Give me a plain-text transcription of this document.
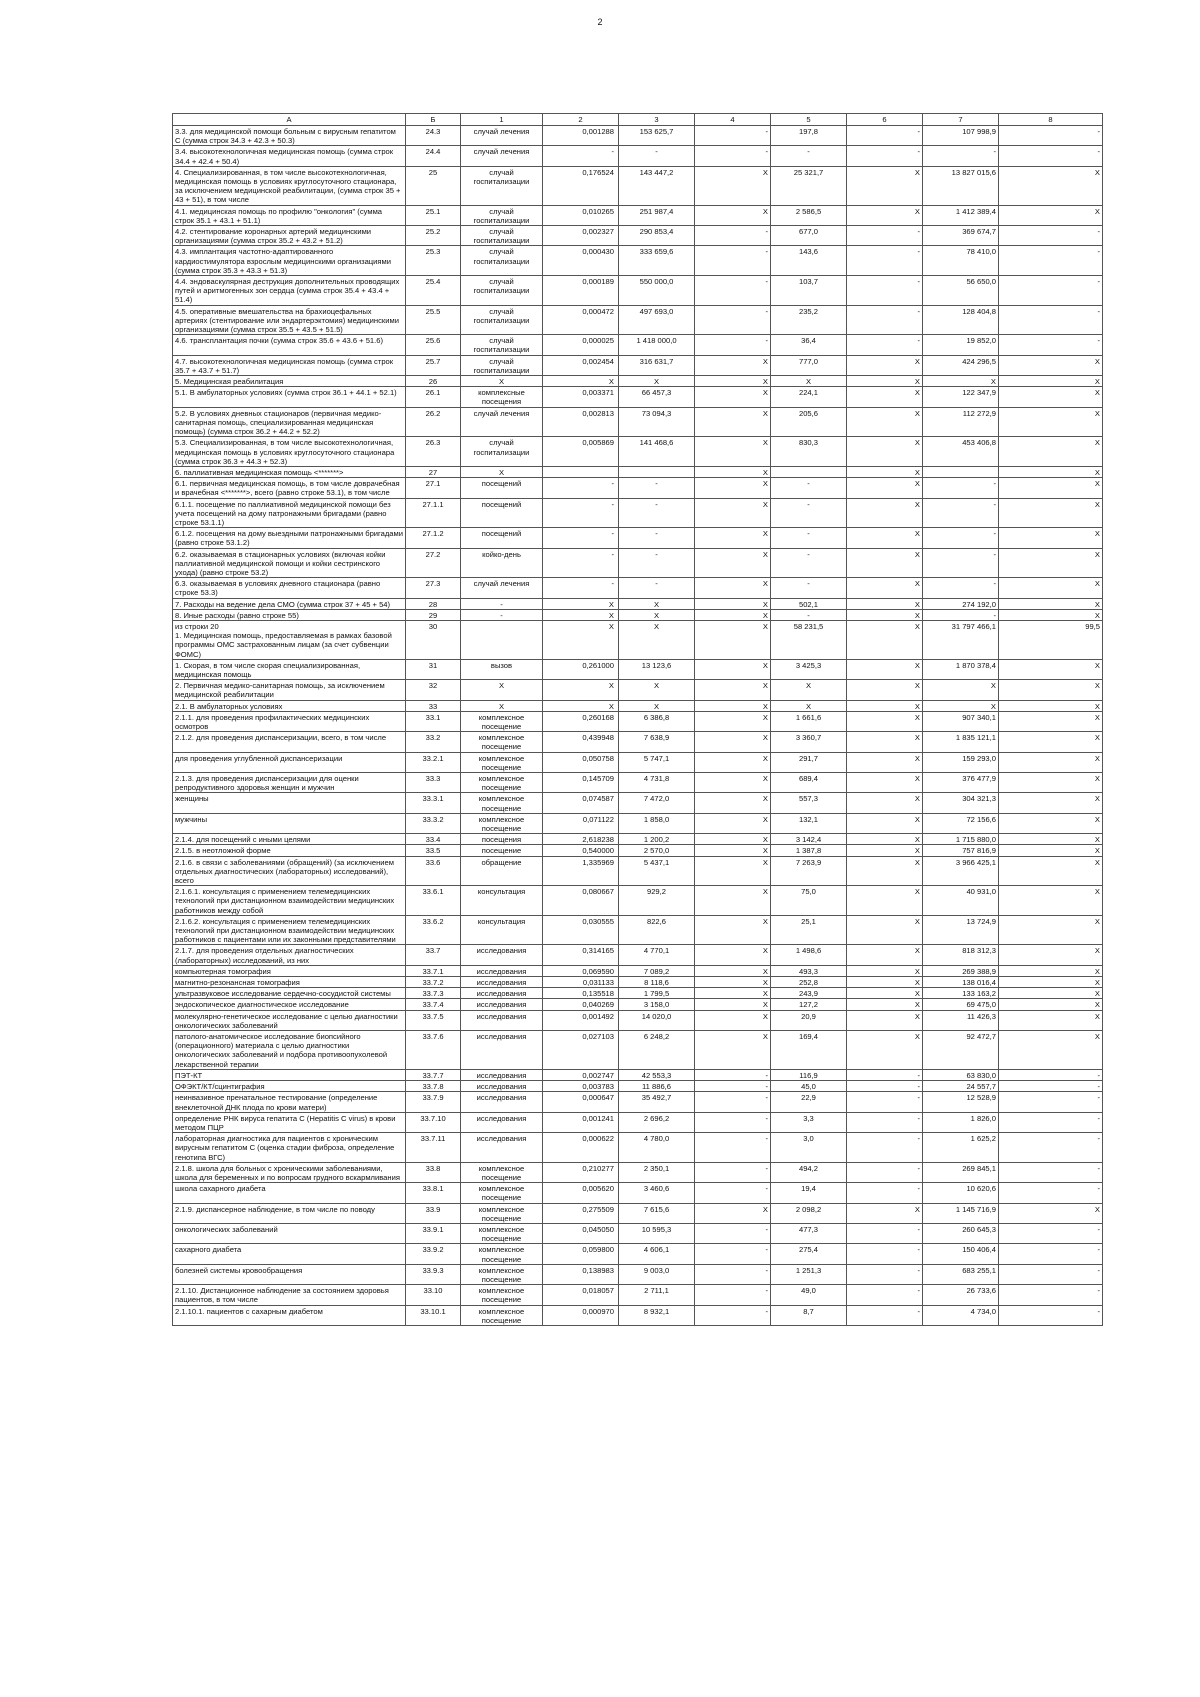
2
А	Б	1	2	3	4	5	6	7	8
3.3. для медицинской помощи больным с вирусным гепатитом С (сумма строк 34.3 + 42.3 + 50.3)	24.3	случай лечения	0,001288	153 625,7	-	197,8	-	107 998,9	-
3.4. высокотехнологичная медицинская помощь (сумма строк 34.4 + 42.4 + 50.4)	24.4	случай лечения	-	-	-	-	-	-	-
4. Специализированная, в том числе высокотехнологичная, медицинская помощь в условиях круглосуточного стационара, за исключением медицинской реабилитации, (сумма строк 35 + 43 + 51), в том числе	25	случай госпитализации	0,176524	143 447,2	X	25 321,7	X	13 827 015,6	X
4.1. медицинская помощь по профилю "онкология" (сумма строк 35.1 + 43.1 + 51.1)	25.1	случай госпитализации	0,010265	251 987,4	X	2 586,5	X	1 412 389,4	X
4.2. стентирование коронарных артерий медицинскими организациями (сумма строк 35.2 + 43.2 + 51.2)	25.2	случай госпитализации	0,002327	290 853,4	-	677,0	-	369 674,7	-
4.3. имплантация частотно-адаптированного кардиостимулятора взрослым медицинскими организациями (сумма строк 35.3 + 43.3 + 51.3)	25.3	случай госпитализации	0,000430	333 659,6	-	143,6	-	78 410,0	-
4.4. эндоваскулярная деструкция дополнительных проводящих путей и аритмогенных зон сердца (сумма строк 35.4 + 43.4 + 51.4)	25.4	случай госпитализации	0,000189	550 000,0	-	103,7	-	56 650,0	-
4.5. оперативные вмешательства на брахиоцефальных артериях (стентирование или эндартерэктомия) медицинскими организациями (сумма строк 35.5 + 43.5 + 51.5)	25.5	случай госпитализации	0,000472	497 693,0	-	235,2	-	128 404,8	-
4.6. трансплантация почки (сумма строк 35.6 + 43.6 + 51.6)	25.6	случай госпитализации	0,000025	1 418 000,0	-	36,4	-	19 852,0	-
4.7. высокотехнологичная медицинская помощь (сумма строк 35.7 + 43.7 + 51.7)	25.7	случай госпитализации	0,002454	316 631,7	X	777,0	X	424 296,5	X
5. Медицинская реабилитация	26	X	X	X	X	X	X	X	X
5.1. В амбулаторных условиях (сумма строк 36.1 + 44.1 + 52.1)	26.1	комплексные посещения	0,003371	66 457,3	X	224,1	X	122 347,9	X
5.2. В условиях дневных стационаров (первичная медико-санитарная помощь, специализированная медицинская помощь) (сумма строк 36.2 + 44.2 + 52.2)	26.2	случай лечения	0,002813	73 094,3	X	205,6	X	112 272,9	X
5.3. Специализированная, в том числе высокотехнологичная, медицинская помощь в условиях круглосуточного стационара (сумма строк 36.3 + 44.3 + 52.3)	26.3	случай госпитализации	0,005869	141 468,6	X	830,3	X	453 406,8	X
6. паллиативная медицинская помощь <*******>	27	X			X		X		X
6.1. первичная медицинская помощь, в том числе доврачебная и врачебная <*******>, всего (равно строке 53.1), в том числе	27.1	посещений	-	-	X	-	X	-	X
6.1.1. посещение по паллиативной медицинской помощи без учета посещений на дому патронажными бригадами (равно строке 53.1.1)	27.1.1	посещений	-	-	X	-	X	-	X
6.1.2. посещения на дому выездными патронажными бригадами (равно строке 53.1.2)	27.1.2	посещений	-	-	X	-	X	-	X
6.2. оказываемая в стационарных условиях (включая койки паллиативной медицинской помощи и койки сестринского ухода) (равно строке 53.2)	27.2	койко-день	-	-	X	-	X	-	X
6.3. оказываемая в условиях дневного стационара (равно строке 53.3)	27.3	случай лечения	-	-	X	-	X	-	X
7. Расходы на ведение дела СМО (сумма строк 37 + 45 + 54)	28	-	X	X	X	502,1	X	274 192,0	X
8. Иные расходы (равно строке 55)	29	-	X	X	X	-	X	-	X
из строки 20
1. Медицинская помощь, предоставляемая в рамках базовой программы ОМС застрахованным лицам (за счет субвенции ФОМС)	30		X	X	X	58 231,5	X	31 797 466,1	99,5
1. Скорая, в том числе скорая специализированная, медицинская помощь	31	вызов	0,261000	13 123,6	X	3 425,3	X	1 870 378,4	X
2. Первичная медико-санитарная помощь, за исключением медицинской реабилитации	32	X	X	X	X	X	X	X	X
2.1. В амбулаторных условиях	33	X	X	X	X	X	X	X	X
2.1.1. для проведения профилактических медицинских осмотров	33.1	комплексное посещение	0,260168	6 386,8	X	1 661,6	X	907 340,1	X
2.1.2. для проведения диспансеризации, всего, в том числе	33.2	комплексное посещение	0,439948	7 638,9	X	3 360,7	X	1 835 121,1	X
для проведения углубленной диспансеризации	33.2.1	комплексное посещение	0,050758	5 747,1	X	291,7	X	159 293,0	X
2.1.3. для проведения диспансеризации для оценки репродуктивного здоровья женщин и мужчин	33.3	комплексное посещение	0,145709	4 731,8	X	689,4	X	376 477,9	X
женщины	33.3.1	комплексное посещение	0,074587	7 472,0	X	557,3	X	304 321,3	X
мужчины	33.3.2	комплексное посещение	0,071122	1 858,0	X	132,1	X	72 156,6	X
2.1.4. для посещений с иными целями	33.4	посещения	2,618238	1 200,2	X	3 142,4	X	1 715 880,0	X
2.1.5. в неотложной форме	33.5	посещение	0,540000	2 570,0	X	1 387,8	X	757 816,9	X
2.1.6. в связи с заболеваниями (обращений) (за исключением отдельных диагностических (лабораторных) исследований), всего	33.6	обращение	1,335969	5 437,1	X	7 263,9	X	3 966 425,1	X
2.1.6.1. консультация с применением телемедицинских технологий при дистанционном взаимодействии медицинских работников между собой	33.6.1	консультация	0,080667	929,2	X	75,0	X	40 931,0	X
2.1.6.2. консультация с применением телемедицинских технологий при дистанционном взаимодействии медицинских работников с пациентами или их законными представителями	33.6.2	консультация	0,030555	822,6	X	25,1	X	13 724,9	X
2.1.7. для проведения отдельных диагностических (лабораторных) исследований, из них	33.7	исследования	0,314165	4 770,1	X	1 498,6	X	818 312,3	X
компьютерная томография	33.7.1	исследования	0,069590	7 089,2	X	493,3	X	269 388,9	X
магнитно-резонансная томография	33.7.2	исследования	0,031133	8 118,6	X	252,8	X	138 016,4	X
ультразвуковое исследование сердечно-сосудистой системы	33.7.3	исследования	0,135518	1 799,5	X	243,9	X	133 163,2	X
эндоскопическое диагностическое исследование	33.7.4	исследования	0,040269	3 158,0	X	127,2	X	69 475,0	X
молекулярно-генетическое исследование с целью диагностики онкологических заболеваний	33.7.5	исследования	0,001492	14 020,0	X	20,9	X	11 426,3	X
патолого-анатомическое исследование биопсийного (операционного) материала с целью диагностики онкологических заболеваний и подбора противоопухолевой лекарственной терапии	33.7.6	исследования	0,027103	6 248,2	X	169,4	X	92 472,7	X
ПЭТ-КТ	33.7.7	исследования	0,002747	42 553,3	-	116,9	-	63 830,0	-
ОФЭКТ/КТ/сцинтиграфия	33.7.8	исследования	0,003783	11 886,6	-	45,0	-	24 557,7	-
неинвазивное пренатальное тестирование (определение внеклеточной ДНК плода по крови матери)	33.7.9	исследования	0,000647	35 492,7	-	22,9	-	12 528,9	-
определение РНК вируса гепатита С (Hepatitis C virus) в крови методом ПЦР	33.7.10	исследования	0,001241	2 696,2	-	3,3	-	1 826,0	-
лабораторная диагностика для пациентов с хроническим вирусным гепатитом С (оценка стадии фиброза, определение генотипа ВГС)	33.7.11	исследования	0,000622	4 780,0	-	3,0	-	1 625,2	-
2.1.8. школа для больных с хроническими заболеваниями, школа для беременных и по вопросам грудного вскармливания	33.8	комплексное посещение	0,210277	2 350,1	-	494,2	-	269 845,1	-
школа сахарного диабета	33.8.1	комплексное посещение	0,005620	3 460,6	-	19,4	-	10 620,6	-
2.1.9. диспансерное наблюдение, в том числе по поводу	33.9	комплексное посещение	0,275509	7 615,6	X	2 098,2	X	1 145 716,9	X
онкологических заболеваний	33.9.1	комплексное посещение	0,045050	10 595,3	-	477,3	-	260 645,3	-
сахарного диабета	33.9.2	комплексное посещение	0,059800	4 606,1	-	275,4	-	150 406,4	-
болезней системы кровообращения	33.9.3	комплексное посещение	0,138983	9 003,0	-	1 251,3	-	683 255,1	-
2.1.10. Дистанционное наблюдение за состоянием здоровья пациентов, в том числе	33.10	комплексное посещение	0,018057	2 711,1	-	49,0	-	26 733,6	-
2.1.10.1. пациентов с сахарным диабетом	33.10.1	комплексное посещение	0,000970	8 932,1	-	8,7	-	4 734,0	-
